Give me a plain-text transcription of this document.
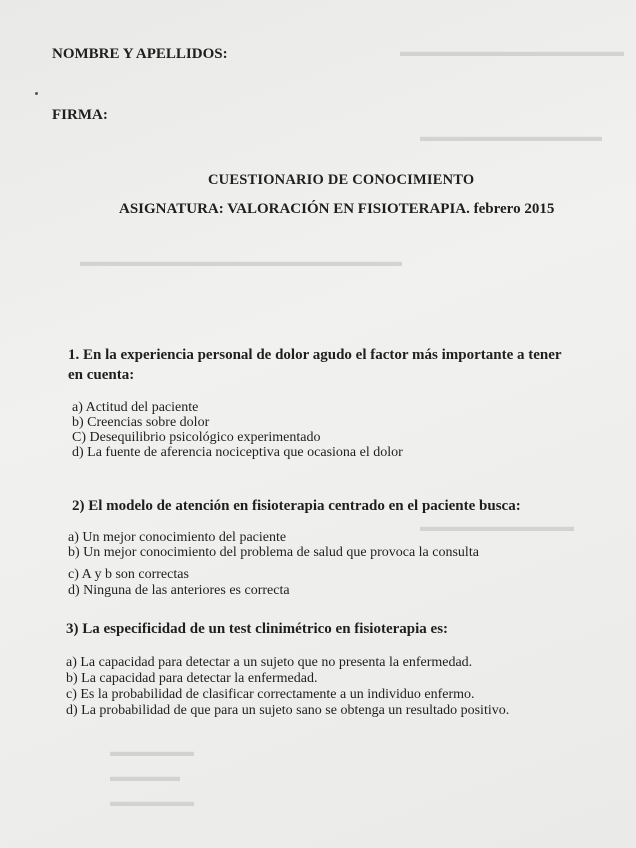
▬▬▬▬▬▬▬▬▬▬▬▬▬▬▬▬
▬▬▬▬▬▬▬▬▬▬▬▬▬
▬▬▬▬▬▬▬▬▬▬▬▬▬▬▬▬▬▬▬▬▬▬▬
▬▬▬▬▬▬▬▬▬▬▬
▬▬▬▬▬▬
▬▬▬▬▬
▬▬▬▬▬▬
NOMBRE Y APELLIDOS:
FIRMA:
CUESTIONARIO DE CONOCIMIENTO
ASIGNATURA: VALORACIÓN EN FISIOTERAPIA. febrero 2015
1. En la experiencia personal de dolor agudo el factor más importante a tener
en cuenta:
a) Actitud del paciente
b) Creencias sobre dolor
C) Desequilibrio psicológico experimentado
d) La fuente de aferencia nociceptiva que ocasiona el dolor
2) El modelo de atención en fisioterapia centrado en el paciente busca:
a) Un mejor conocimiento del paciente
b) Un mejor conocimiento del problema de salud que provoca la consulta
c) A y b son correctas
d) Ninguna de las anteriores es correcta
3) La especificidad de un test clinimétrico en fisioterapia es:
a) La capacidad para detectar a un sujeto que no presenta la enfermedad.
b) La capacidad para detectar la enfermedad.
c) Es la probabilidad de clasificar correctamente a un individuo enfermo.
d) La probabilidad de que para un sujeto sano se obtenga un resultado positivo.
